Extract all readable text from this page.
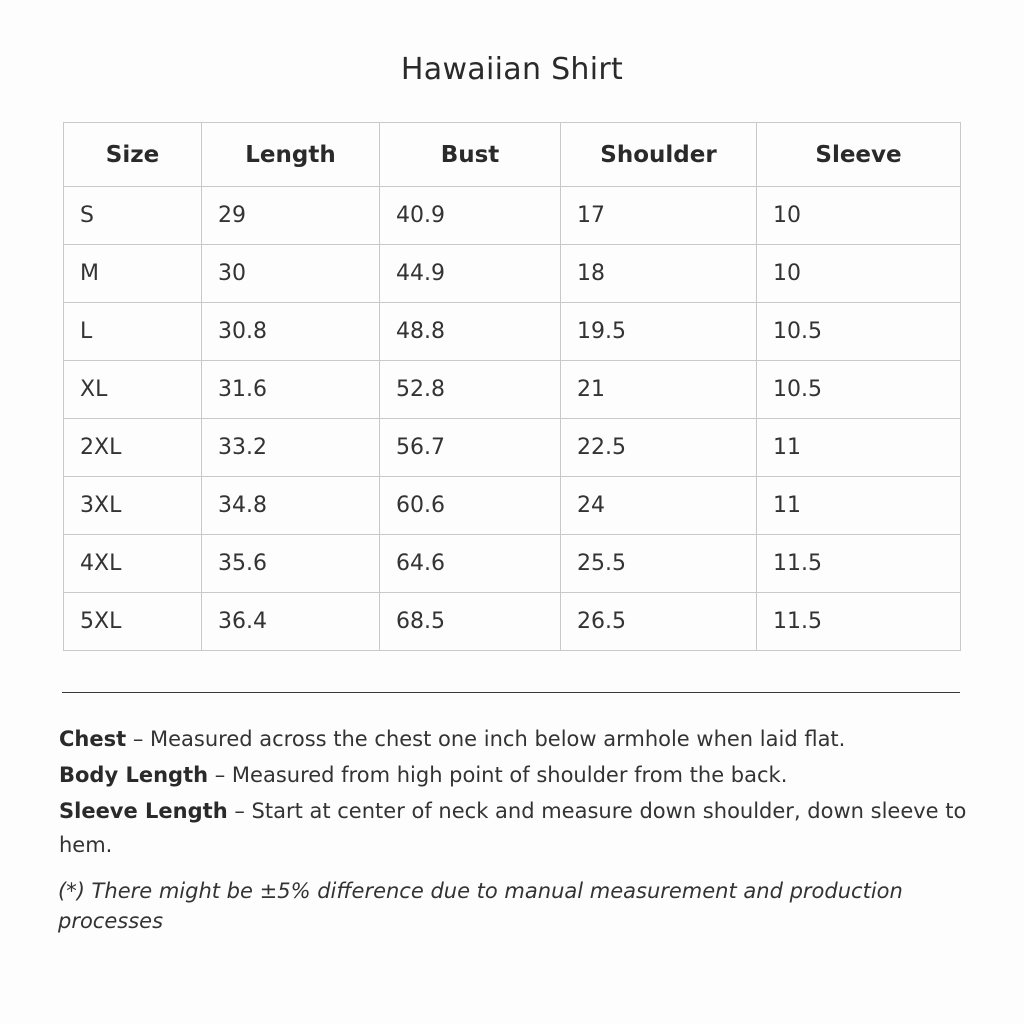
Hawaiian Shirt
Size	Length	Bust	Shoulder	Sleeve
S	29	40.9	17	10
M	30	44.9	18	10
L	30.8	48.8	19.5	10.5
XL	31.6	52.8	21	10.5
2XL	33.2	56.7	22.5	11
3XL	34.8	60.6	24	11
4XL	35.6	64.6	25.5	11.5
5XL	36.4	68.5	26.5	11.5

Chest – Measured across the chest one inch below armhole when laid flat.

Body Length – Measured from high point of shoulder from the back.

Sleeve Length – Start at center of neck and measure down shoulder, down sleeve to hem.

(*) There might be ±5% difference due to manual measurement and production processes
